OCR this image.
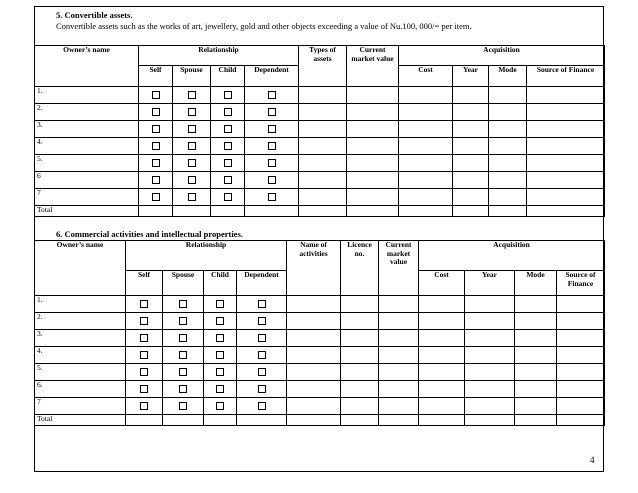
5. Convertible assets.
Convertible assets such as the works of art, jewellery, gold and other objects exceeding a value of Nu.100, 000/= per item.
Owner’s name	Relationship				Types of assets	Current market value	Acquisition			
	Self	Spouse	Child	Dependent			Cost	Year	Mode	Source of Finance
1.										
2.										
3.										
4.										
5.										
6										
7										
Total										
6. Commercial activities and intellectual properties.
Owner’s name	Relationship				Name of activities	Licence no.	Current market value	Acquisition			
	Self	Spouse	Child	Dependent				Cost	Year	Mode	Source of Finance
1.											
2.											
3.											
4.											
5.											
6.											
7											
Total											
4
